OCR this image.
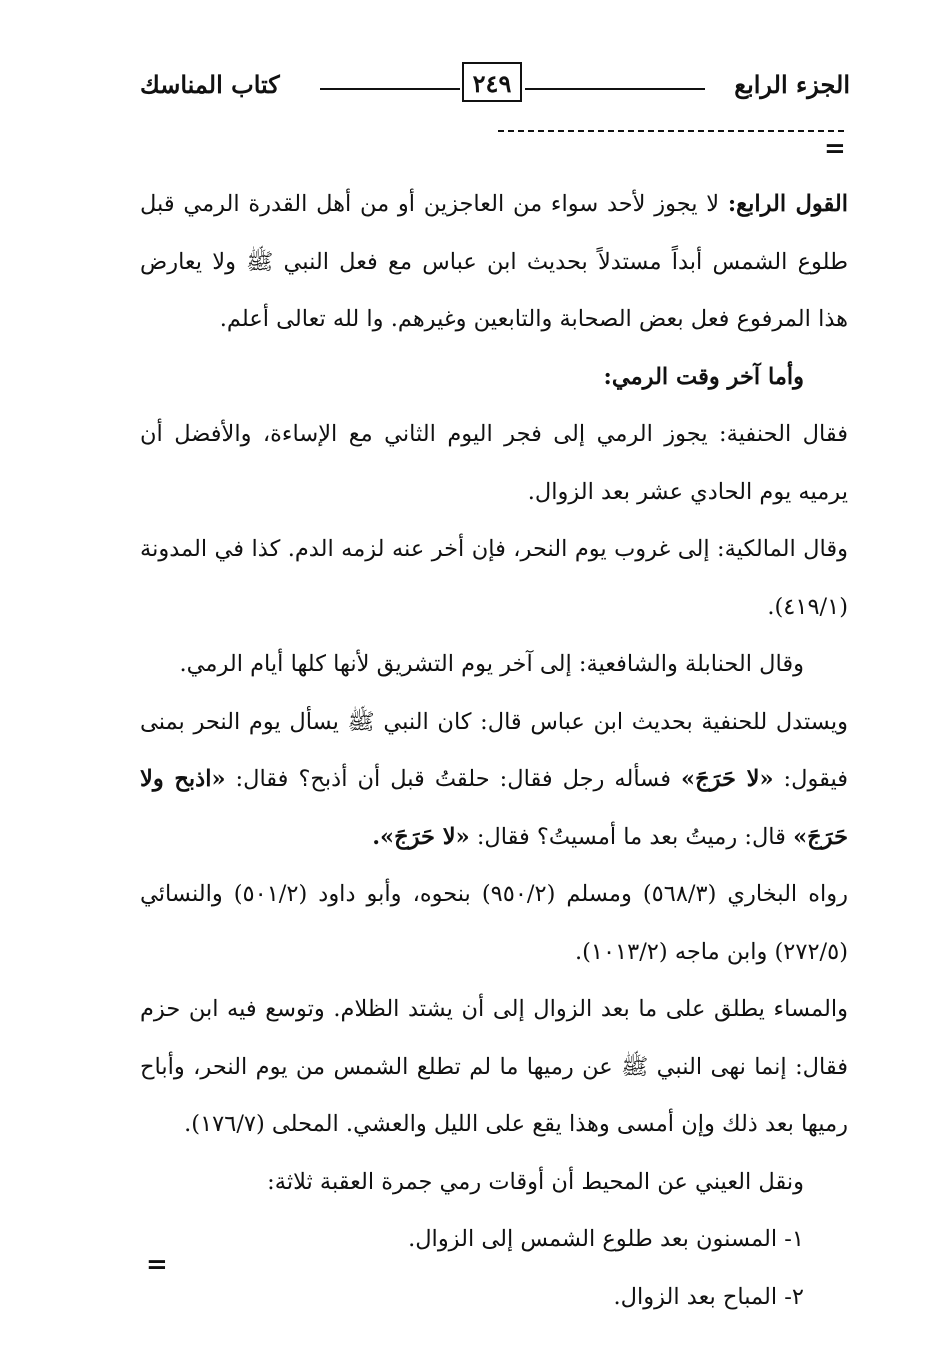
الجزء الرابع
٢٤٩
كتاب المناسك
=

القول الرابع: لا يجوز لأحد سواء من العاجزين أو من أهل القدرة الرمي قبل طلوع الشمس أبداً مستدلاً بحديث ابن عباس مع فعل النبي ﷺ ولا يعارض هذا المرفوع فعل بعض الصحابة والتابعين وغيرهم. وا لله تعالى أعلم.

وأما آخر وقت الرمي:

فقال الحنفية: يجوز الرمي إلى فجر اليوم الثاني مع الإساءة، والأفضل أن يرميه يوم الحادي عشر بعد الزوال.

وقال المالكية: إلى غروب يوم النحر، فإن أخر عنه لزمه الدم. كذا في المدونة (٤١٩/١).

وقال الحنابلة والشافعية: إلى آخر يوم التشريق لأنها كلها أيام الرمي.

ويستدل للحنفية بحديث ابن عباس قال: كان النبي ﷺ يسأل يوم النحر بمنى فيقول: «لا حَرَجَ» فسأله رجل فقال: حلقتُ قبل أن أذبح؟ فقال: «اذبح ولا حَرَجَ» قال: رميتُ بعد ما أمسيتُ؟ فقال: «لا حَرَجَ».

رواه البخاري (٥٦٨/٣) ومسلم (٩٥٠/٢) بنحوه، وأبو داود (٥٠١/٢) والنسائي (٢٧٢/٥) وابن ماجه (١٠١٣/٢).

والمساء يطلق على ما بعد الزوال إلى أن يشتد الظلام. وتوسع فيه ابن حزم فقال: إنما نهى النبي ﷺ عن رميها ما لم تطلع الشمس من يوم النحر، وأباح رميها بعد ذلك وإن أمسى وهذا يقع على الليل والعشي. المحلى (١٧٦/٧).

ونقل العيني عن المحيط أن أوقات رمي جمرة العقبة ثلاثة:

١- المسنون بعد طلوع الشمس إلى الزوال.

٢- المباح بعد الزوال.

=
